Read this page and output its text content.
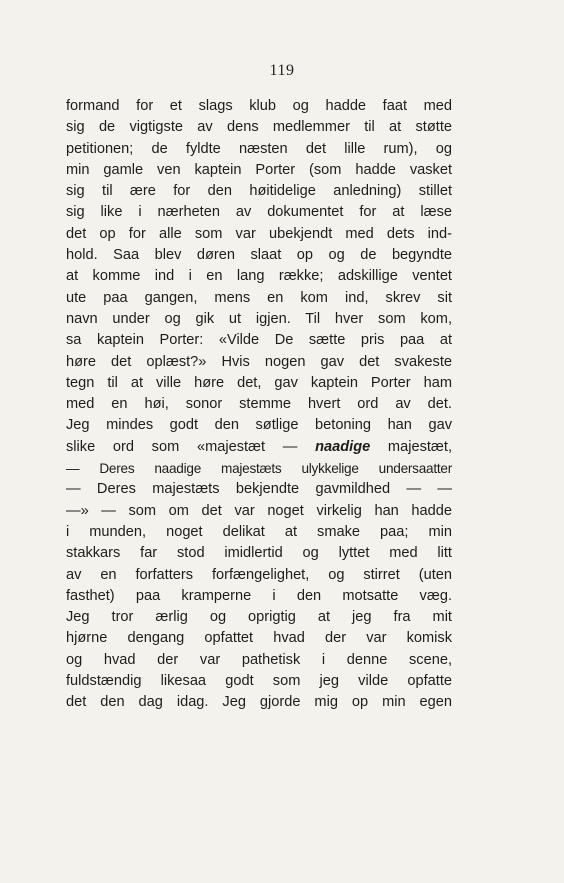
119
formand for et slags klub og hadde faat med
sig de vigtigste av dens medlemmer til at støtte
petitionen; de fyldte næsten det lille rum), og
min gamle ven kaptein Porter (som hadde vasket
sig til ære for den høitidelige anledning) stillet
sig like i nærheten av dokumentet for at læse
det op for alle som var ubekjendt med dets ind-
hold. Saa blev døren slaat op og de begyndte
at komme ind i en lang række; adskillige ventet
ute paa gangen, mens en kom ind, skrev sit
navn under og gik ut igjen. Til hver som kom,
sa kaptein Porter: «Vilde De sætte pris paa at
høre det oplæst?» Hvis nogen gav det svakeste
tegn til at ville høre det, gav kaptein Porter ham
med en høi, sonor stemme hvert ord av det.
Jeg mindes godt den søtlige betoning han gav
slike ord som «majestæt — naadige majestæt,
— Deres naadige majestæts ulykkelige undersaatter
— Deres majestæts bekjendte gavmildhed — —
—» — som om det var noget virkelig han hadde
i munden, noget delikat at smake paa; min
stakkars far stod imidlertid og lyttet med litt
av en forfatters forfængelighet, og stirret (uten
fasthet) paa kramperne i den motsatte væg.
Jeg tror ærlig og oprigtig at jeg fra mit
hjørne dengang opfattet hvad der var komisk
og hvad der var pathetisk i denne scene,
fuldstændig likesaa godt som jeg vilde opfatte
det den dag idag. Jeg gjorde mig op min egen
